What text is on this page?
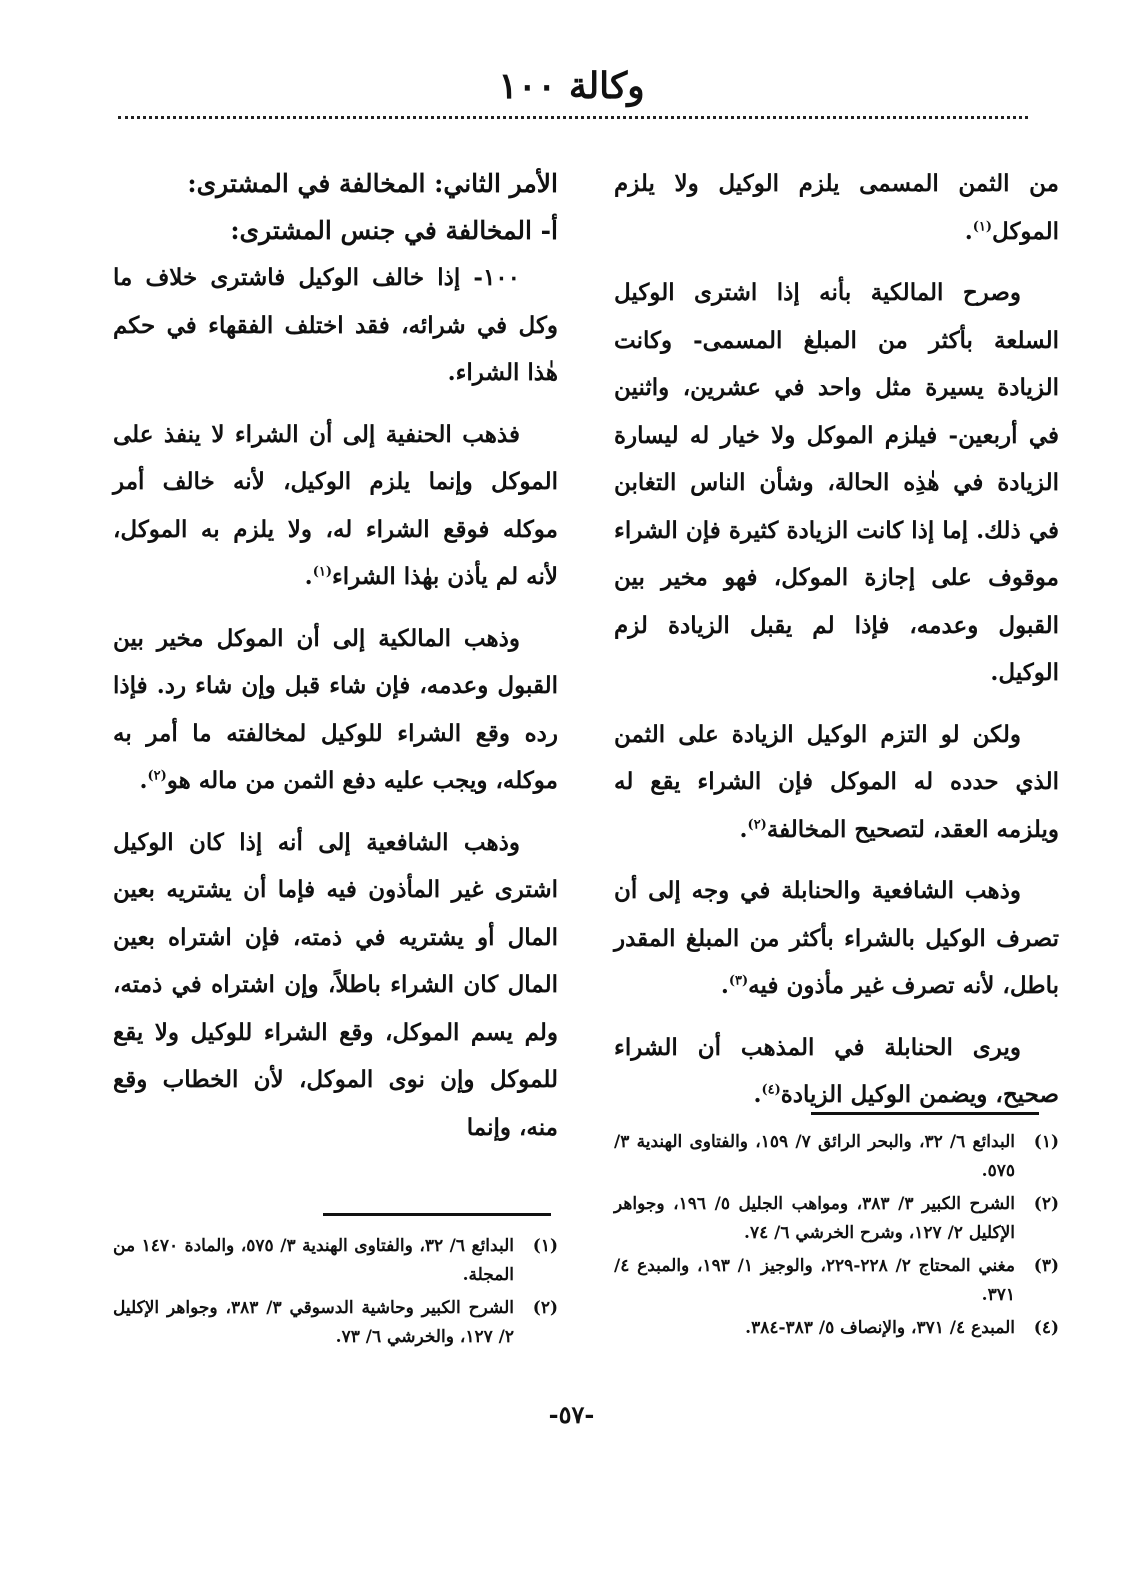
وكالة ١٠٠

من الثمن المسمى يلزم الوكيل ولا يلزم الموكل$^{(١)}$.

وصرح المالكية بأنه إذا اشترى الوكيل السلعة بأكثر من المبلغ المسمى- وكانت الزيادة يسيرة مثل واحد في عشرين، واثنين في أربعين- فيلزم الموكل ولا خيار له ليسارة الزيادة في هٰذِه الحالة، وشأن الناس التغابن في ذلك. إما إذا كانت الزيادة كثيرة فإن الشراء موقوف على إجازة الموكل، فهو مخير بين القبول وعدمه، فإذا لم يقبل الزيادة لزم الوكيل.

ولكن لو التزم الوكيل الزيادة على الثمن الذي حدده له الموكل فإن الشراء يقع له ويلزمه العقد، لتصحيح المخالفة$^{(٢)}$.

وذهب الشافعية والحنابلة في وجه إلى أن تصرف الوكيل بالشراء بأكثر من المبلغ المقدر باطل، لأنه تصرف غير مأذون فيه$^{(٣)}$.

ويرى الحنابلة في المذهب أن الشراء صحيح، ويضمن الوكيل الزيادة$^{(٤)}$.

الأمر الثاني: المخالفة في المشترى:
أ- المخالفة في جنس المشترى:

١٠٠- إذا خالف الوكيل فاشترى خلاف ما وكل في شرائه، فقد اختلف الفقهاء في حكم هٰذا الشراء.

فذهب الحنفية إلى أن الشراء لا ينفذ على الموكل وإنما يلزم الوكيل، لأنه خالف أمر موكله فوقع الشراء له، ولا يلزم به الموكل، لأنه لم يأذن بهٰذا الشراء$^{(١)}$.

وذهب المالكية إلى أن الموكل مخير بين القبول وعدمه، فإن شاء قبل وإن شاء رد. فإذا رده وقع الشراء للوكيل لمخالفته ما أمر به موكله، ويجب عليه دفع الثمن من ماله هو$^{(٢)}$.

وذهب الشافعية إلى أنه إذا كان الوكيل اشترى غير المأذون فيه فإما أن يشتريه بعين المال أو يشتريه في ذمته، فإن اشتراه بعين المال كان الشراء باطلاً، وإن اشتراه في ذمته، ولم يسم الموكل، وقع الشراء للوكيل ولا يقع للموكل وإن نوى الموكل، لأن الخطاب وقع منه، وإنما

(١)
البدائع ٦/ ٣٢، والبحر الرائق ٧/ ١٥٩، والفتاوى الهندية ٣/ ٥٧٥.
(٢)
الشرح الكبير ٣/ ٣٨٣، ومواهب الجليل ٥/ ١٩٦، وجواهر الإكليل ٢/ ١٢٧، وشرح الخرشي ٦/ ٧٤.
(٣)
مغني المحتاج ٢/ ٢٢٨-٢٢٩، والوجيز ١/ ١٩٣، والمبدع ٤/ ٣٧١.
(٤)
المبدع ٤/ ٣٧١، والإنصاف ٥/ ٣٨٣-٣٨٤.
(١)
البدائع ٦/ ٣٢، والفتاوى الهندية ٣/ ٥٧٥، والمادة ١٤٧٠ من المجلة.
(٢)
الشرح الكبير وحاشية الدسوقي ٣/ ٣٨٣، وجواهر الإكليل ٢/ ١٢٧، والخرشي ٦/ ٧٣.
-٥٧-
